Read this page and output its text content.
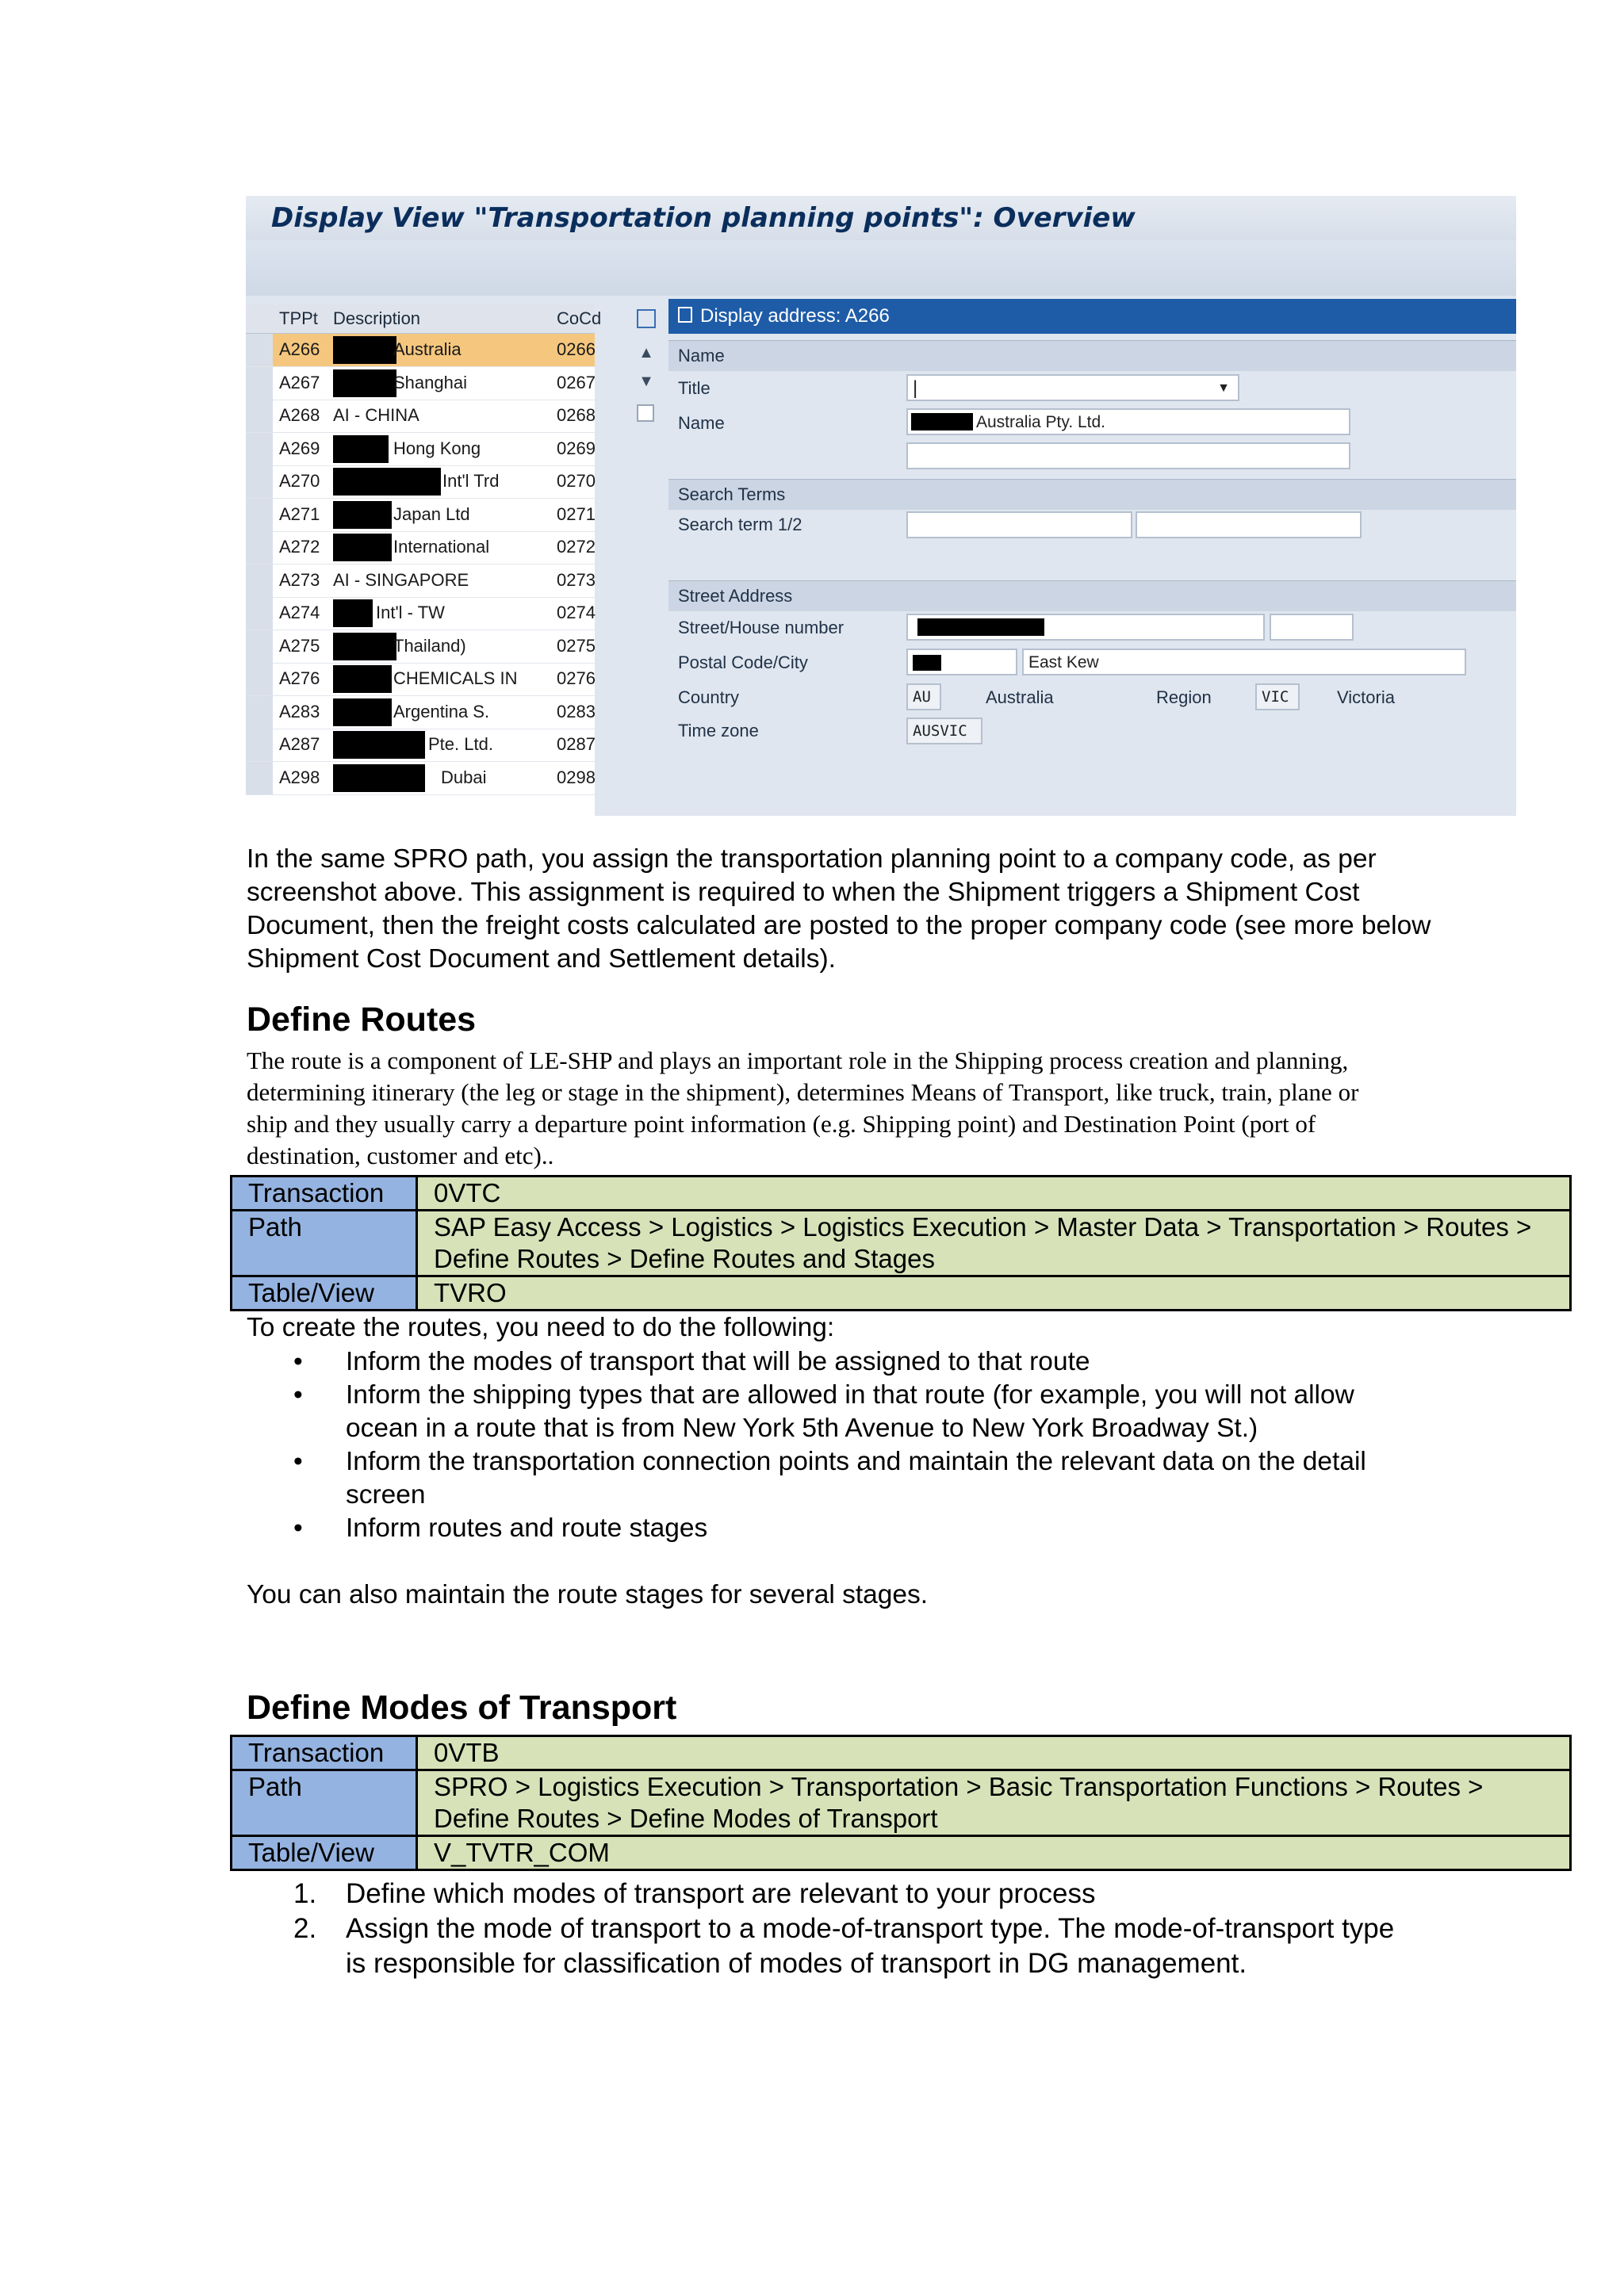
Display View "Transportation planning points": Overview
TPPt Description	CoCd
A266	Australia	0266
A267	Shanghai	0267
A268 AI - CHINA	0268
A269	Hong Kong	0269
A270	Int'l Trd	0270
A271	Japan Ltd	0271
A272	International	0272
A273 AI - SINGAPORE	0273
A274	Int'l - TW	0274
A275	Thailand)	0275
A276	CHEMICALS IN 0276
A283	Argentina S.	0283
A287	Pte. Ltd.	0287
A298	Dubai	0298
▲
▼
Display address: A266
Name
Title	|	▼
Name	Australia Pty. Ltd.
Search Terms
Search term 1/2
Street Address
Street/House number
Postal Code/City	East Kew
Country	AU	Australia	Region	VIC	Victoria
Time zone	AUSVIC
In the same SPRO path, you assign the transportation planning point to a company code, as per screenshot above. This assignment is required to when the Shipment triggers a Shipment Cost Document, then the freight costs calculated are posted to the proper company code (see more below Shipment Cost Document and Settlement details).
Define Routes
The route is a component of LE-SHP and plays an important role in the Shipping process creation and planning, determining itinerary (the leg or stage in the shipment), determines Means of Transport, like truck, train, plane or ship and they usually carry a departure point information (e.g. Shipping point) and Destination Point (port of destination, customer and etc)..
Transaction	0VTC
Path	SAP Easy Access > Logistics > Logistics Execution > Master Data > Transportation > Routes > Define Routes > Define Routes and Stages
Table/View	TVRO
To create the routes, you need to do the following:
• Inform the modes of transport that will be assigned to that route
• Inform the shipping types that are allowed in that route (for example, you will not allow ocean in a route that is from New York 5th Avenue to New York Broadway St.)
• Inform the transportation connection points and maintain the relevant data on the detail screen
• Inform routes and route stages
You can also maintain the route stages for several stages.
Define Modes of Transport
Transaction	0VTB
Path	SPRO > Logistics Execution > Transportation > Basic Transportation Functions > Routes > Define Routes > Define Modes of Transport
Table/View	V_TVTR_COM
1. Define which modes of transport are relevant to your process
2. Assign the mode of transport to a mode-of-transport type. The mode-of-transport type is responsible for classification of modes of transport in DG management.
